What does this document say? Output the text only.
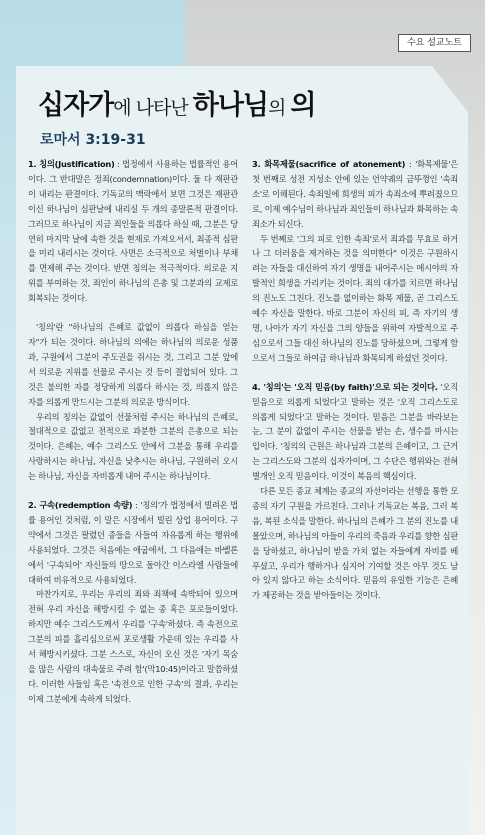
수요 설교노트
십자가에 나타난 하나님의 의
로마서 3:19-31

1. 칭의(Justification) : 법정에서 사용하는 법률적인 용어이다. 그 반대말은 정죄(condemnation)이다. 둘 다 재판관이 내리는 판결이다. 기독교의 맥락에서 보면 그것은 재판관이신 하나님이 심판날에 내리실 두 개의 종말론적 판결이다. 그러므로 하나님이 지금 죄인들을 의롭다 하실 때, 그분은 당연히 마지막 날에 속한 것을 현재로 가져오셔서, 최종적 심판을 미리 내리시는 것이다. 사면은 소극적으로 처벌이나 부채를 면제해 주는 것이다. 반면 칭의는 적극적이다. 의로운 지위를 부여하는 것, 죄인이 하나님의 은총 및 그분과의 교제로 회복되는 것이다.

'칭의'란 "하나님의 은혜로 값없이 의롭다 하심을 얻는 자"가 되는 것이다. 하나님의 의에는 하나님의 의로운 성품과, 구원에서 그분이 주도권을 쥐시는 것, 그리고 그분 앞에서 의로운 지위를 선물로 주시는 것 등이 결합되어 있다. 그것은 불의한 자를 정당하게 의롭다 하시는 것, 의롭지 않은 자를 의롭게 만드시는 그분의 의로운 방식이다.

우리의 칭의는 값없이 선물처럼 주시는 하나님의 은혜로, 절대적으로 값없고 전적으로 과분한 그분의 은총으로 되는 것이다. 은혜는, 예수 그리스도 안에서 그분을 통해 우리를 사랑하시는 하나님, 자신을 낮추시는 하나님, 구원하러 오시는 하나님, 자신을 자비롭게 내어 주시는 하나님이다.

2. 구속(redemption 속량) : '칭의'가 법정에서 빌려온 법률 용어인 것처럼, 이 말은 시장에서 빌린 상업 용어이다. 구약에서 그것은 팔렸던 종들을 사들여 자유롭게 하는 행위에 사용되었다. 그것은 처음에는 애굽에서, 그 다음에는 바벨론에서 '구속되어' 자신들의 땅으로 돌아간 이스라엘 사람들에 대하여 비유적으로 사용되었다.

마찬가지로, 우리는 우리의 죄와 죄책에 속박되어 있으며 전혀 우리 자신을 해방시킬 수 없는 종 혹은 포로들이었다. 하지만 예수 그리스도께서 우리를 '구속'하셨다. 즉 속전으로 그분의 피를 흘리심으로써 포로생활 가운데 있는 우리를 사서 해방시키셨다. 그분 스스로, 자신이 오신 것은 '자기 목숨을 많은 사람의 대속물로 주려 함'(막10:45)이라고 말씀하셨다. 이러한 사들임 혹은 '속전으로 인한 구속'의 결과, 우리는 이제 그분에게 속하게 되었다.

3. 화목제물(sacrifice of atonement) : '화목제물'은 첫 번째로 성전 지성소 안에 있는 언약궤의 금뚜껑인 '속죄소'로 이해된다. 속죄일에 희생의 피가 속죄소에 뿌려졌으므로, 이제 예수님이 하나님과 죄인들이 하나님과 화목하는 속죄소가 되신다.

두 번째로 '그의 피로 인한 속죄'로서 죄과를 무효로 하거나 그 더러움을 제거하는 것을 의미한다" 이것은 구원하시려는 자들을 대신하여 자기 생명을 내어주시는 메시야의 자발적인 희생을 가리키는 것이다. 죄의 대가를 치르면 하나님의 진노도 그친다. 진노를 없이하는 화목 제물, 곧 그리스도 예수 자신을 말한다. 바로 그분이 자신의 피, 즉 자기의 생명, 나아가 자기 자신을 그의 양들을 위하여 자발적으로 주심으로서 그들 대신 하나님의 진노를 당하셨으며, 그렇게 함으로서 그들로 하여금 하나님과 화목되게 하셨던 것이다.

4. '칭의'는 '오직 믿음(by faith)'으로 되는 것이다. '오직 믿음으로 의롭게 되었다'고 말하는 것은 '오직 그리스도로 의롭게 되었다'고 말하는 것이다. 믿음은 그분을 바라보는 눈, 그 분이 값없이 주시는 선물을 받는 손, 생수를 마시는 입이다. '칭의의 근원은 하나님과 그분의 은혜이고, 그 근거는 그리스도와 그분의 십자가이며, 그 수단은 행위와는 전혀 별개인 오직 믿음이다. 이것이 복음의 핵심이다.

다른 모든 종교 체계는 종교의 자선이라는 선행을 통한 모종의 자기 구원을 가르친다. 그러나 기독교는 복음, 그러 복음, 복된 소식을 말한다. 하나님의 은혜가 그 분의 진노를 내몰았으며, 하나님의 아들이 우리의 죽음과 우리를 향한 심판을 당하셨고, 하나님이 받을 가치 없는 자들에게 자비를 베푸셨고, 우리가 행하거나 심지어 기여할 것은 아무 것도 남아 있지 않다고 하는 소식이다. 믿음의 유일한 기능은 은혜가 제공하는 것을 받아들이는 것이다.
